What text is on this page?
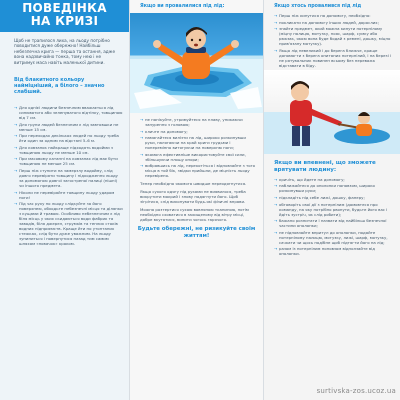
ПОВЕДІНКА
НА КРИЗІ
Щоб не трапилося лиха, на льоду потрібно поводитися дуже обережно! Найбільш небезпечна крига — перша та остання, адже вона надзвичайно тонка, тому нею і не витримує маса навіть маленької дитини.
Від блакитного кольору найміцніший, а білого – значно слабший.
→ Для однієї людини безпечним вважається лід синюватого або зеленуватого відтінку, товщиною від 7 см.
→ Для групи людей безпечним є лід завтовшки не менше 15 см.
→ При переходах декількох людей по льоду треба йти один за одним на відстані 5–6 м.
→ Для ковзанок найкраще підходять водойми з товщиною льоду не менше 10 см.
→ При масовому катанні на ковзанах лід має бути товщиною не менше 25 см.
→ Перш ніж ступити на замерзлу водойму, слід довго перевіряти товщину і підходження льоду за допомогою довгої загостреної палиці (пішні) чи іншого предмета.
→ Ніколи не перевіряйте товщину льоду ударом ноги!
→ Під час руху по льоду слідкуйте за його поверхнею, обходьте небезпечні місця та ділянки з кущами й травою. Особливо небезпечним є лід біля місць у яких скидаються води фабрик та заводів, біля джерел, струмків та теплих стоків водних підприємств. Краще йти по утоптаних стежках, слід бути дуже уважним. На льоду зупиниться і повернутися назад тим самим шляхом «новачок» кроком.
Якщо ви провалилися під лід:
→ не панікуйте, утримуйтеся на плаву, уникаючи занурення з головою;
→ кличте на допомогу;
→ намагайтеся вилізти на лід, широко розкинувши руки, налягаючи на край криги грудьми і поперемінно витягуючи на поверхню ноги;
→ якомога ефективніше використовуйте свої сили, збільшуючи площу опори;
→ вибравшись на лід, перекотіться і відповзайте з того місця в той бік, звідки прийшли, де міцність льоду перевірено.

Тепер необхідно якомога швидше переодягнутися.

Якщо сухого одягу під руками не виявилося, треба викрутити мокрий і знову надягнути його. Щоб зігрітися, слід виконувати будь-які фізичні вправи.

Можна розтертися сухою вовняною тканиною, потім необхідно сховатися в захищеному від вітру місці, добре вкутатися, випити чогось гарячого.

Будьте обережні, не ризикуйте своїм життям!
Якщо хтось провалився під лід
→ Перш ніж кинутися на допомогу, необхідно:
→ покликати на допомогу інших людей, дорослих;
→ знайти предмет, який можна кинути потерпілому (міцну палицю, мотузку, пояс, шарф, сумку або рюкзак, якою вона буде бодай з ремені, дошку, міцно прив'язану мотузку).
→ Якщо лід невеликий і до берега ближче, краще допомогти з берега опитаних потерпілий, і на березі і не рятувальник повинен всьому без переважк відставати в біду.
Якщо ви впевнені, що зможете врятувати людину:
→ кричіть, що йдете на допомогу;
→ наближайтеся до ополонки поповзом, широко розкинувши руки;
→ підкладіть під себе лижі, дошку, фанеру;
→ обговоріть свої дії з потерпілим (домовтеся про команду, на яку потрібно рвонути, будьте його вас і йдіть зустріч, як слід робити);
→ бажано розпитати і назвати від найбільш безпечної частини ополонки;
→ не підповзайте впритул до ополонки, подайте потерпілому палицю, мотузку, лижі, шарф, мотузку, сачкати чи щось подібне щоб підтягти його на лід;
→ разом із потерпілим поповзом відползайте від ополонки.
surtivska-zos.ucoz.ua
